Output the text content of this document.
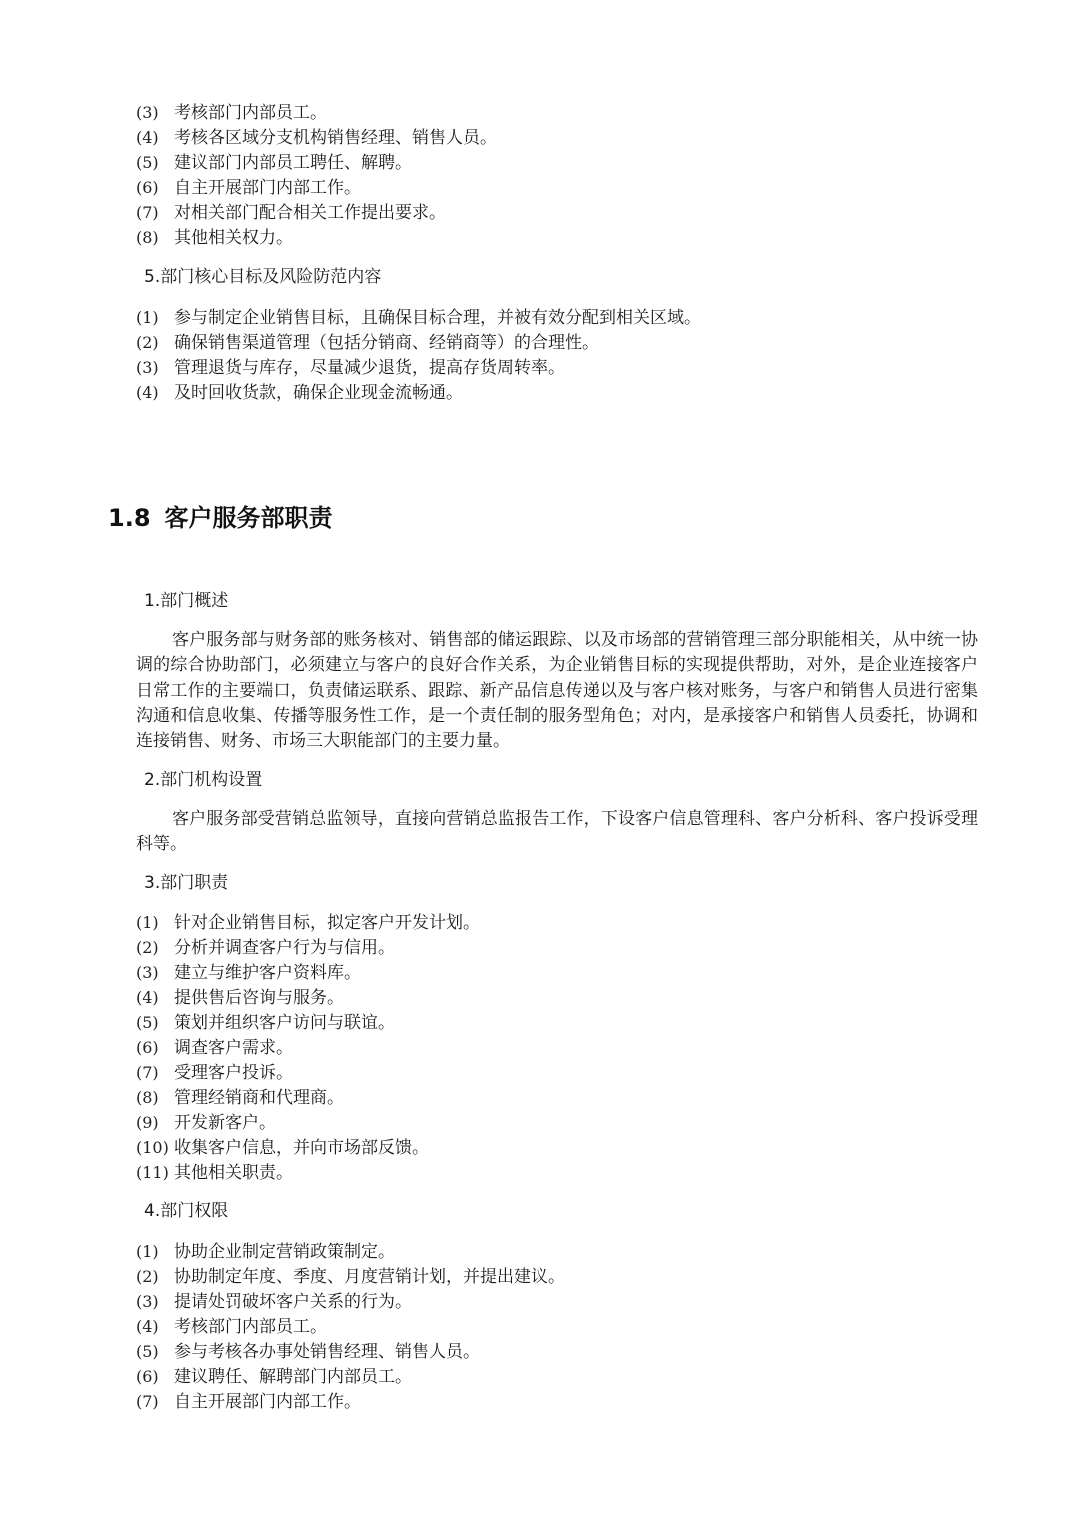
(3) 考核部门内部员工。
(4) 考核各区域分支机构销售经理、销售人员。
(5) 建议部门内部员工聘任、解聘。
(6) 自主开展部门内部工作。
(7) 对相关部门配合相关工作提出要求。
(8) 其他相关权力。
5.部门核心目标及风险防范内容
(1) 参与制定企业销售目标，且确保目标合理，并被有效分配到相关区域。
(2) 确保销售渠道管理（包括分销商、经销商等）的合理性。
(3) 管理退货与库存，尽量减少退货，提高存货周转率。
(4) 及时回收货款，确保企业现金流畅通。
1.8 客户服务部职责
1.部门概述

客户服务部与财务部的账务核对、销售部的储运跟踪、以及市场部的营销管理三部分职能相关，从中统一协调的综合协助部门，必须建立与客户的良好合作关系，为企业销售目标的实现提供帮助，对外，是企业连接客户日常工作的主要端口，负责储运联系、跟踪、新产品信息传递以及与客户核对账务，与客户和销售人员进行密集沟通和信息收集、传播等服务性工作，是一个责任制的服务型角色；对内，是承接客户和销售人员委托，协调和连接销售、财务、市场三大职能部门的主要力量。

2.部门机构设置

客户服务部受营销总监领导，直接向营销总监报告工作，下设客户信息管理科、客户分析科、客户投诉受理科等。

3.部门职责
(1) 针对企业销售目标，拟定客户开发计划。
(2) 分析并调查客户行为与信用。
(3) 建立与维护客户资料库。
(4) 提供售后咨询与服务。
(5) 策划并组织客户访问与联谊。
(6) 调查客户需求。
(7) 受理客户投诉。
(8) 管理经销商和代理商。
(9) 开发新客户。
(10) 收集客户信息，并向市场部反馈。
(11) 其他相关职责。
4.部门权限
(1) 协助企业制定营销政策制定。
(2) 协助制定年度、季度、月度营销计划，并提出建议。
(3) 提请处罚破坏客户关系的行为。
(4) 考核部门内部员工。
(5) 参与考核各办事处销售经理、销售人员。
(6) 建议聘任、解聘部门内部员工。
(7) 自主开展部门内部工作。
